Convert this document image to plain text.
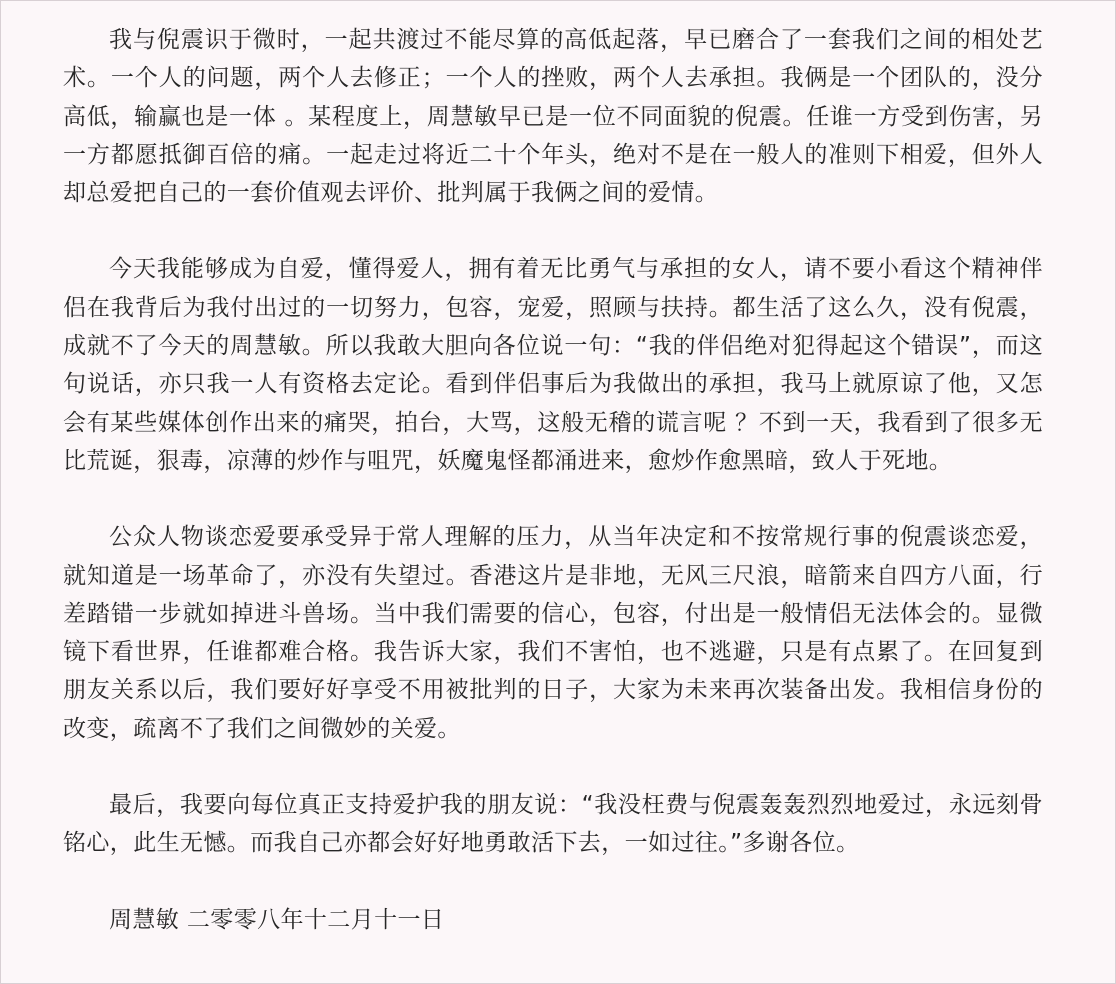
我与倪震识于微时，一起共渡过不能尽算的高低起落，早已磨合了一套我们之间的相处艺术。一个人的问题，两个人去修正；一个人的挫败，两个人去承担。我俩是一个团队的，没分高低，输赢也是一体 。某程度上，周慧敏早已是一位不同面貌的倪震。任谁一方受到伤害，另一方都愿抵御百倍的痛。一起走过将近二十个年头，绝对不是在一般人的准则下相爱，但外人却总爱把自己的一套价值观去评价、批判属于我俩之间的爱情。

今天我能够成为自爱，懂得爱人，拥有着无比勇气与承担的女人，请不要小看这个精神伴侣在我背后为我付出过的一切努力，包容，宠爱，照顾与扶持。都生活了这么久，没有倪震，成就不了今天的周慧敏。所以我敢大胆向各位说一句：“我的伴侣绝对犯得起这个错误”，而这句说话，亦只我一人有资格去定论。看到伴侣事后为我做出的承担，我马上就原谅了他，又怎会有某些媒体创作出来的痛哭，拍台，大骂，这般无稽的谎言呢 ？不到一天，我看到了很多无比荒诞，狠毒，凉薄的炒作与咀咒，妖魔鬼怪都涌进来，愈炒作愈黑暗，致人于死地。

公众人物谈恋爱要承受异于常人理解的压力，从当年决定和不按常规行事的倪震谈恋爱，就知道是一场革命了，亦没有失望过。香港这片是非地，无风三尺浪，暗箭来自四方八面，行差踏错一步就如掉进斗兽场。当中我们需要的信心，包容，付出是一般情侣无法体会的。显微镜下看世界，任谁都难合格。我告诉大家，我们不害怕，也不逃避，只是有点累了。在回复到朋友关系以后，我们要好好享受不用被批判的日子，大家为未来再次装备出发。我相信身份的改变，疏离不了我们之间微妙的关爱。

最后，我要向每位真正支持爱护我的朋友说：“我没枉费与倪震轰轰烈烈地爱过，永远刻骨铭心，此生无憾。而我自己亦都会好好地勇敢活下去，一如过往。”多谢各位。

周慧敏 二零零八年十二月十一日
